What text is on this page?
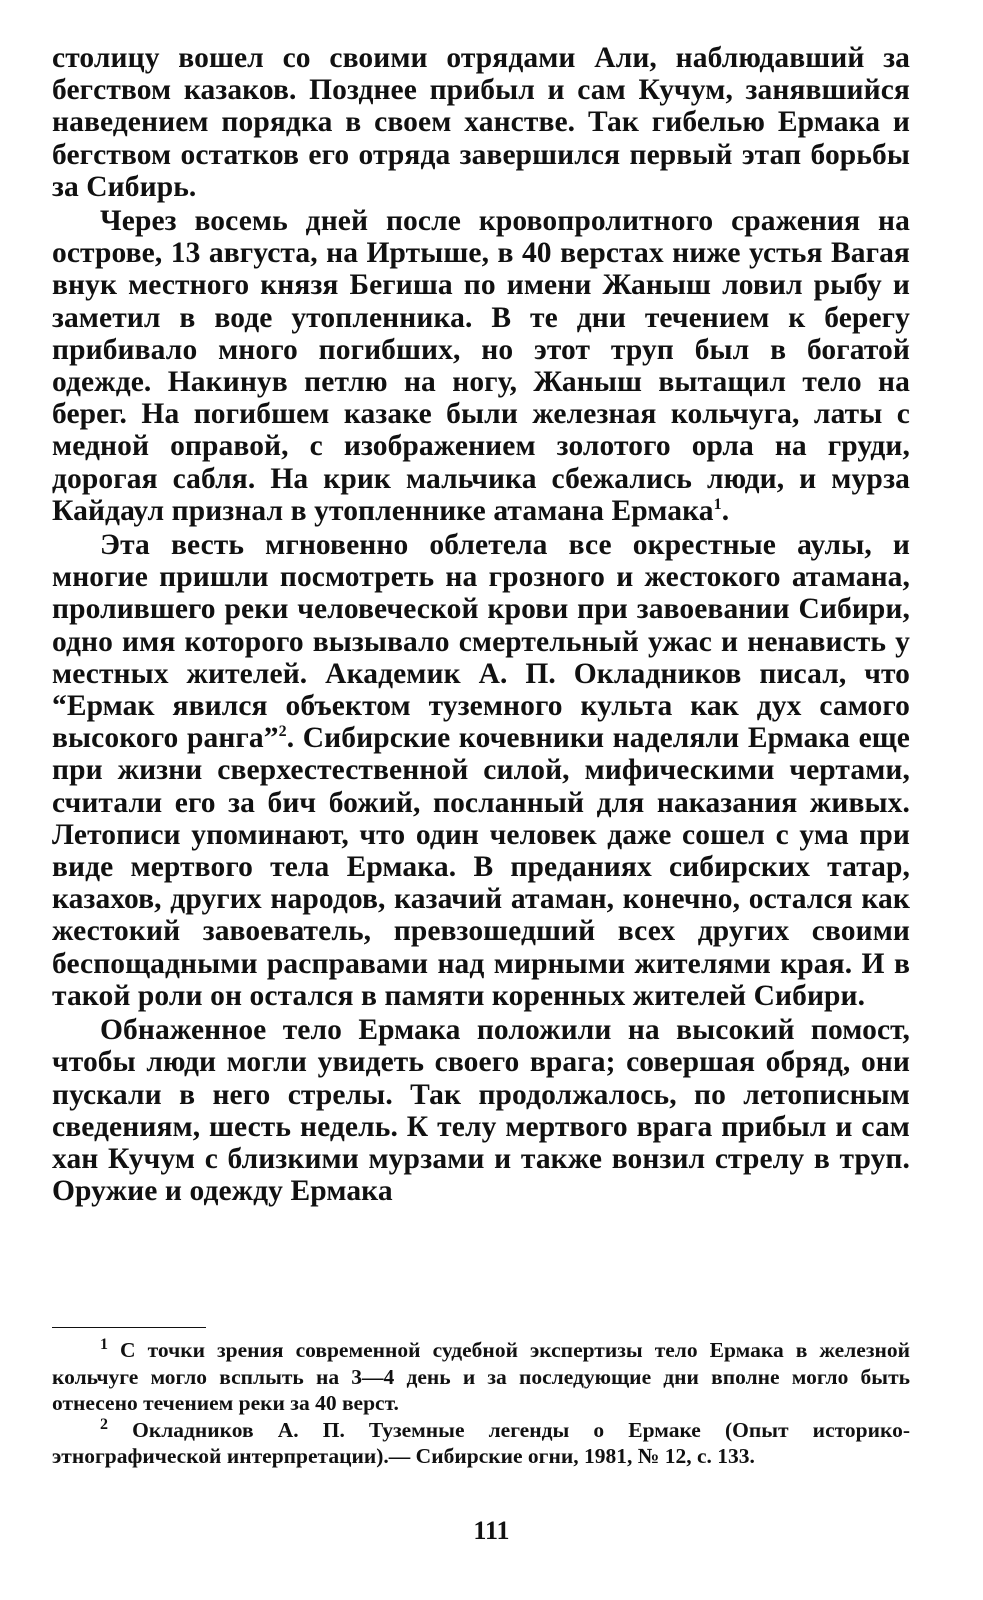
столицу вошел со своими отрядами Али, наблюдавший за бегством казаков. Позднее прибыл и сам Кучум, занявшийся наведением порядка в своем ханстве. Так гибелью Ермака и бегством остатков его отряда завершился первый этап борьбы за Сибирь.

Через восемь дней после кровопролитного сражения на острове, 13 августа, на Иртыше, в 40 верстах ниже устья Вагая внук местного князя Бегиша по имени Жаныш ловил рыбу и заметил в воде утопленника. В те дни течением к берегу прибивало много погибших, но этот труп был в богатой одежде. Накинув петлю на ногу, Жаныш вытащил тело на берег. На погибшем казаке были железная кольчуга, латы с медной оправой, с изображением золотого орла на груди, дорогая сабля. На крик мальчика сбежались люди, и мурза Кайдаул признал в утопленнике атамана Ермака$^1$.

Эта весть мгновенно облетела все окрестные аулы, и многие пришли посмотреть на грозного и жестокого атамана, пролившего реки человеческой крови при завоевании Сибири, одно имя которого вызывало смертельный ужас и ненависть у местных жителей. Академик А. П. Окладников писал, что “Ермак явился объектом туземного культа как дух самого высокого ранга”$^2$. Сибирские кочевники наделяли Ермака еще при жизни сверхестественной силой, мифическими чертами, считали его за бич божий, посланный для наказания живых. Летописи упоминают, что один человек даже сошел с ума при виде мертвого тела Ермака. В преданиях сибирских татар, казахов, других народов, казачий атаман, конечно, остался как жестокий завоеватель, превзошедший всех других своими беспощадными расправами над мирными жителями края. И в такой роли он остался в памяти коренных жителей Сибири.

Обнаженное тело Ермака положили на высокий помост, чтобы люди могли увидеть своего врага; совершая обряд, они пускали в него стрелы. Так продолжалось, по летописным сведениям, шесть недель. К телу мертвого врага прибыл и сам хан Кучум с близкими мурзами и также вонзил стрелу в труп. Оружие и одежду Ермака

$^1$ С точки зрения современной судебной экспертизы тело Ермака в железной кольчуге могло всплыть на 3—4 день и за последующие дни вполне могло быть отнесено течением реки за 40 верст.

$^2$ Окладников А. П. Туземные легенды о Ермаке (Опыт историко-этнографической интерпретации).— Сибирские огни, 1981, № 12, с. 133.

111
